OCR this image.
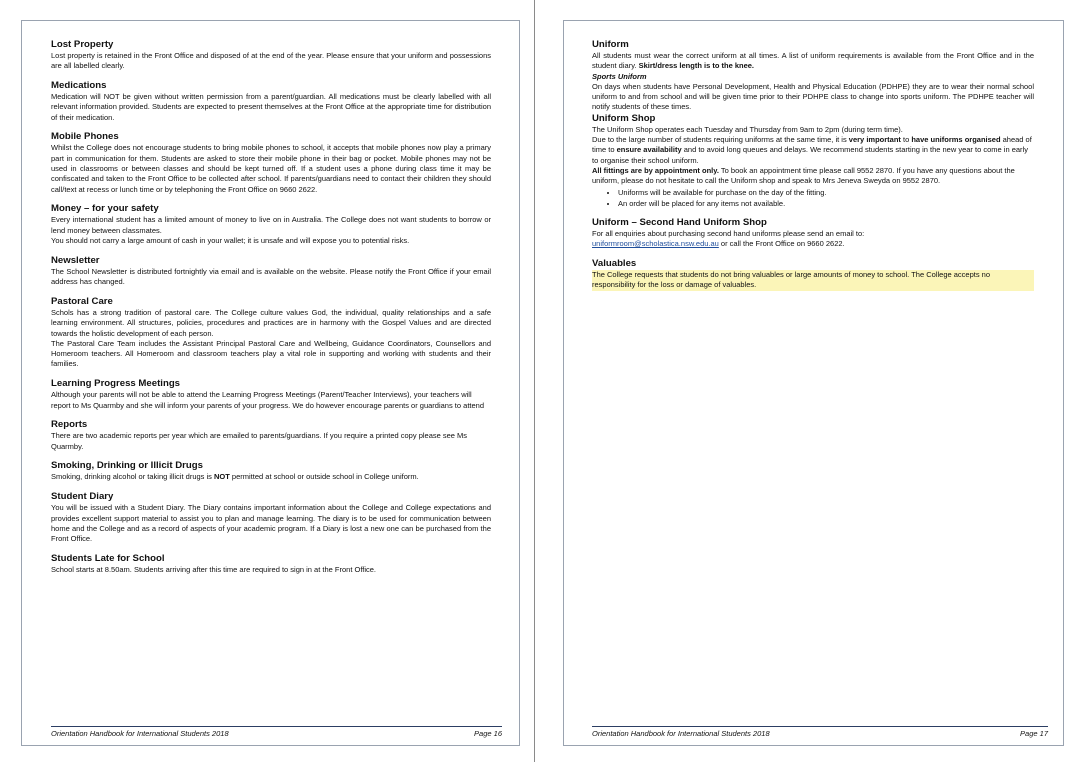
Lost Property

Lost property is retained in the Front Office and disposed of at the end of the year. Please ensure that your uniform and possessions are all labelled clearly.

Medications

Medication will NOT be given without written permission from a parent/guardian. All medications must be clearly labelled with all relevant information provided. Students are expected to present themselves at the Front Office at the appropriate time for distribution of their medication.

Mobile Phones

Whilst the College does not encourage students to bring mobile phones to school, it accepts that mobile phones now play a primary part in communication for them. Students are asked to store their mobile phone in their bag or pocket. Mobile phones may not be used in classrooms or between classes and should be kept turned off. If a student uses a phone during class time it may be confiscated and taken to the Front Office to be collected after school. If parents/guardians need to contact their children they should call/text at recess or lunch time or by telephoning the Front Office on 9660 2622.

Money – for your safety

Every international student has a limited amount of money to live on in Australia. The College does not want students to borrow or lend money between classmates.

You should not carry a large amount of cash in your wallet; it is unsafe and will expose you to potential risks.

Newsletter

The School Newsletter is distributed fortnightly via email and is available on the website. Please notify the Front Office if your email address has changed.

Pastoral Care

Schols has a strong tradition of pastoral care. The College culture values God, the individual, quality relationships and a safe learning environment. All structures, policies, procedures and practices are in harmony with the Gospel Values and are directed towards the holistic development of each person.

The Pastoral Care Team includes the Assistant Principal Pastoral Care and Wellbeing, Guidance Coordinators, Counsellors and Homeroom teachers. All Homeroom and classroom teachers play a vital role in supporting and working with students and their families.

Learning Progress Meetings

Although your parents will not be able to attend the Learning Progress Meetings (Parent/Teacher Interviews), your teachers will report to Ms Quarmby and she will inform your parents of your progress. We do however encourage parents or guardians to attend

Reports

There are two academic reports per year which are emailed to parents/guardians. If you require a printed copy please see Ms Quarmby.

Smoking, Drinking or Illicit Drugs

Smoking, drinking alcohol or taking illicit drugs is NOT permitted at school or outside school in College uniform.

Student Diary

You will be issued with a Student Diary. The Diary contains important information about the College and College expectations and provides excellent support material to assist you to plan and manage learning. The diary is to be used for communication between home and the College and as a record of aspects of your academic program. If a Diary is lost a new one can be purchased from the Front Office.

Students Late for School

School starts at 8.50am. Students arriving after this time are required to sign in at the Front Office.

Orientation Handbook for International Students 2018	Page 16
Uniform

All students must wear the correct uniform at all times. A list of uniform requirements is available from the Front Office and in the student diary. Skirt/dress length is to the knee.

Sports Uniform

On days when students have Personal Development, Health and Physical Education (PDHPE) they are to wear their normal school uniform to and from school and will be given time prior to their PDHPE class to change into sports uniform. The PDHPE teacher will notify students of these times.

Uniform Shop

The Uniform Shop operates each Tuesday and Thursday from 9am to 2pm (during term time).

Due to the large number of students requiring uniforms at the same time, it is very important to have uniforms organised ahead of time to ensure availability and to avoid long queues and delays. We recommend students starting in the new year to come in early to organise their school uniform.

All fittings are by appointment only. To book an appointment time please call 9552 2870. If you have any questions about the uniform, please do not hesitate to call the Uniform shop and speak to Mrs Jeneva Sweyda on 9552 2870.

• Uniforms will be available for purchase on the day of the fitting.
• An order will be placed for any items not available.
Uniform – Second Hand Uniform Shop

For all enquiries about purchasing second hand uniforms please send an email to:

uniformroom@scholastica.nsw.edu.au or call the Front Office on 9660 2622.

Valuables

The College requests that students do not bring valuables or large amounts of money to school. The College accepts no responsibility for the loss or damage of valuables.

Orientation Handbook for International Students 2018	Page 17
